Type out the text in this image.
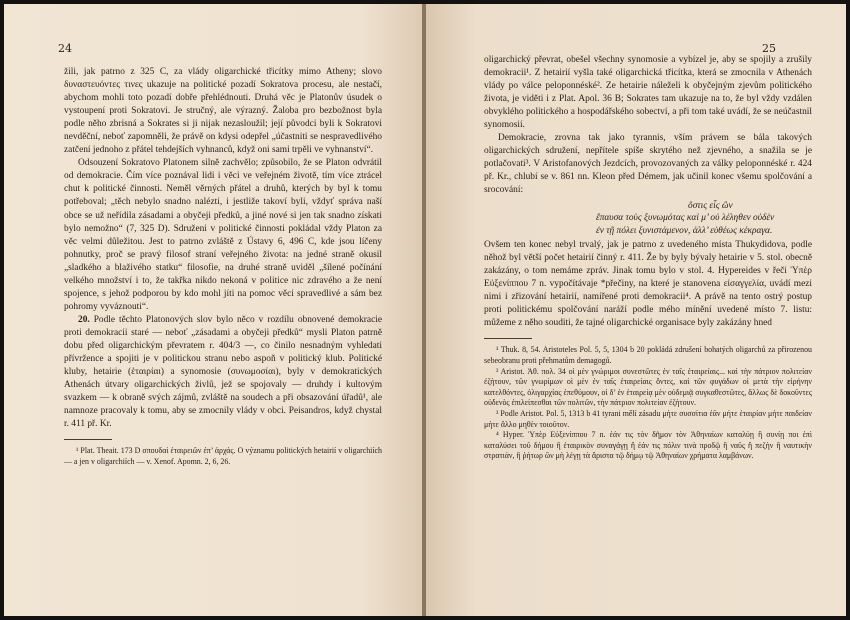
24

žili, jak patrno z 325 C, za vlády oligarchické třicítky mimo Atheny; slovo δυναστευόντες τινες ukazuje na politické pozadí Sokratova procesu, ale nestačí, abychom mohli toto pozadí dobře přehlédnouti. Druhá věc je Platonův úsudek o vystoupení proti Sokratovi. Je stručný, ale výrazný. Žaloba pro bezbožnost byla podle něho zbrisná a Sokrates si ji nijak nezasloužil; její původci byli k Sokratovi nevděční, neboť zapomněli, že právě on kdysi odepřel „účastniti se nespravedlivého zatčení jednoho z přátel tehdejších vyhnanců, když oni sami trpěli ve vyhnanství“.

Odsouzení Sokratovo Platonem silně zachvělo; způsobilo, že se Platon odvrátil od demokracie. Čím více poznával lidi i věci ve veřejném životě, tím více ztrácel chut k politické činnosti. Neměl věrných přátel a druhů, kterých by byl k tomu potřeboval; „těch nebylo snadno nalézti, i jestliže takoví byli, vždyť správa naší obce se už neřídila zásadami a obyčeji předků, a jiné nové si jen tak snadno získati bylo nemožno“ (7, 325 D). Sdruženi v politické činnosti pokládal vždy Platon za věc velmi důležitou. Jest to patrno zvláště z Ústavy 6, 496 C, kde jsou líčeny pohnutky, proč se pravý filosof straní veřejného života: na jedné straně okusil „sladkého a blaživého statku“ filosofie, na druhé straně uviděl „šílené počínání velkého množství i to, že takřka nikdo nekoná v politice nic zdravého a že není spojence, s jehož podporou by kdo mohl jíti na pomoc věci spravedlivé a sám bez pohromy vyváznouti“.

20. Podle těchto Platonových slov bylo něco v rozdílu obnovené demokracie proti demokracii staré — neboť „zásadami a obyčeji předků“ mysli Platon patrně dobu před oligarchickým převratem r. 404/3 —, co činilo nesnadným vyhledati přívržence a spojiti je v politickou stranu nebo aspoň v politický klub. Politické kluby, hetairie (ἑταιρίαι) a synomosie (συνωμοσίαι), byly v demokratických Athenách útvary oligarchických živlů, jež se spojovaly — druhdy i kultovým svazkem — k obraně svých zájmů, zvláště na soudech a při obsazování úřadů¹, ale namnoze pracovaly k tomu, aby se zmocnily vlády v obci. Peisandros, když chystal r. 411 př. Kr.

¹ Plat. Theait. 173 D σπουδαὶ ἑταιρειῶν ἐπ’ ἀρχάς. O významu politických hetairií v oligarchiích — a jen v oligarchiích — v. Xenof. Apomn. 2, 6, 26.

25

oligarchický převrat, obešel všechny synomosie a vybízel je, aby se spojily a zrušily demokracii¹. Z hetairií vyšla také oligarchická třicítka, která se zmocnila v Athenách vlády po válce peloponnéské². Ze hetairie náleželi k obyčejným zjevům politického života, je viděti i z Plat. Apol. 36 B; Sokrates tam ukazuje na to, že byl vždy vzdálen obvyklého politického a hospodářského sobectví, a při tom také uvádí, že se neúčastnil synomosií.

Demokracie, zrovna tak jako tyrannis, vším právem se bála takových oligarchických sdružení, nepřítele spíše skrytého než zjevného, a snažila se je potlačovati³. V Aristofanových Jezdcích, provozovaných za války peloponnéské r. 424 př. Kr., chlubí se v. 861 nn. Kleon před Démem, jak učinil konec všemu spolčování a srocování:

ὅστις εἷς ὢν
ἔπαυσα τοὺς ξυνωμότας καὶ μ’ οὐ λέληθεν οὐδὲν
ἐν τῇ πόλει ξυνιστάμενον, ἀλλ’ εὐθέως κέκραγα.

Ovšem ten konec nebyl trvalý, jak je patrno z uvedeného místa Thukydidova, podle něhož byl větší počet hetairií činný r. 411. Že by byly bývaly hetairie v 5. stol. obecně zakázány, o tom nemáme zpráv. Jinak tomu bylo v stol. 4. Hypereides v řeči Ὑπὲρ Εὐξενίππου 7 n. vypočítávaje *přečiny, na které je stanovena εἰσαγγελία, uvádí mezi nimi i zřizování hetairií, namířené proti demokracii⁴. A právě na tento ostrý postup proti politickému spolčování naráží podle mého mínění uvedené místo 7. listu: můžeme z něho souditi, že tajné oligarchické organisace byly zakázány hned

¹ Thuk. 8, 54. Aristoteles Pol. 5, 5, 1304 b 20 pokládá zdrušení bohatých oligarchů za přirozenou sebeobranu proti přehmatům demagogů.

² Aristot. Ἀθ. πολ. 34 οἱ μὲν γνώριμοι συνεστῶτες ἐν ταῖς ἑταιρείαις... καὶ τὴν πάτριον πολιτείαν ἐζήτουν, τῶν γνωρίμων οἱ μὲν ἐν ταῖς ἑταιρείαις ὄντες, καὶ τῶν φυγάδων οἱ μετὰ τὴν εἰρήνην κατελθόντες, ὀλιγαρχίας ἐπεθύμουν, οἱ δ’ ἐν ἑταιρείᾳ μὲν οὐδεμιᾷ συγκαθεστῶτες, ἄλλως δὲ δοκοῦντες οὐδενὸς ἐπιλείπεσθαι τῶν πολιτῶν, τὴν πάτριον πολιτείαν ἐζήτουν.

³ Podle Aristot. Pol. 5, 1313 b 41 tyrani mělí zásadu μήτε συσσίτια ἐᾶν μήτε ἑταιρίαν μήτε παιδείαν μήτε ἄλλο μηθὲν τοιοῦτον.

⁴ Hyper. Ὑπὲρ Εὐξενίππου 7 n. ἐάν τις τὸν δῆμον τὸν Ἀθηναίων καταλύῃ ἢ συνίῃ ποι ἐπὶ καταλύσει τοῦ δήμου ἢ ἑταιρικὸν συναγάγῃ ἢ ἐάν τις πόλιν τινὰ προδῷ ἢ ναῦς ἢ πεζὴν ἢ ναυτικὴν στρατιάν, ἢ ῥήτωρ ὢν μὴ λέγῃ τὰ ἄριστα τῷ δήμῳ τῷ Ἀθηναίων χρήματα λαμβάνων.
